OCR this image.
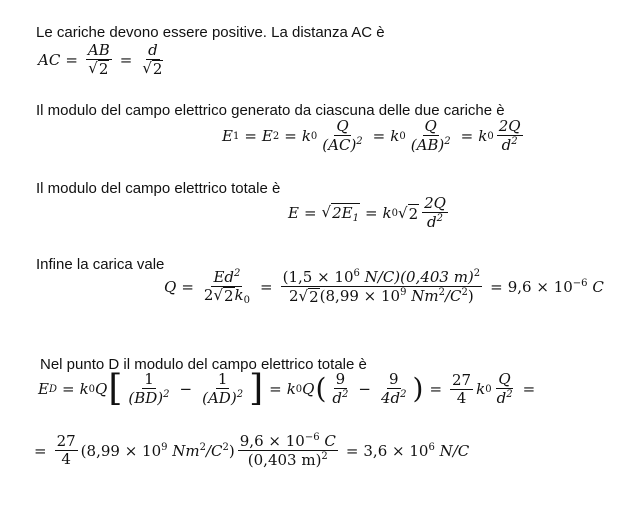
Le cariche devono essere positive. La distanza AC è
AC = $\frac{AB}{√ 2} = \frac{d}{√ 2}$
Il modulo del campo elettrico generato da ciascuna delle due cariche è
E 1 = E 2 = k $0 \frac{Q}{(AC)^2} = k$ $0 \frac{Q}{(AB)^2} = k$ $0 \frac{2Q}{d^2}$
Il modulo del campo elettrico totale è
E = √ $2E_1 = k$ 0 √ $2 \frac{2Q}{d^2}$
Infine la carica vale
$Q = \frac{Ed^2}{2 √ 2 k_0} = \frac{(1,5 \times 10^6 N/C)(0,403 m)^2}{2 √ 2 (8,99 \times 10^9 Nm^2/C^2)} = 9,6 \times 10^{-6}$ C
Nel punto D il modulo del campo elettrico totale è
E D = k 0 Q [ $\frac{1}{(BD)^2} - \frac{1}{(AD)^2}$ ] = k 0 Q ( $\frac{9}{d^2} - \frac{9}{4d^2}$ ) = $\frac{27}{4}$ k $0 \frac{Q}{d^2}$ =
= $\frac{27}{4} (8,99 \times 10^9$ $Nm^2/C^2) \frac{9,6 \times 10^{-6} C}{(0,403 m)^2} = 3,6 \times 10^6$ N/C
